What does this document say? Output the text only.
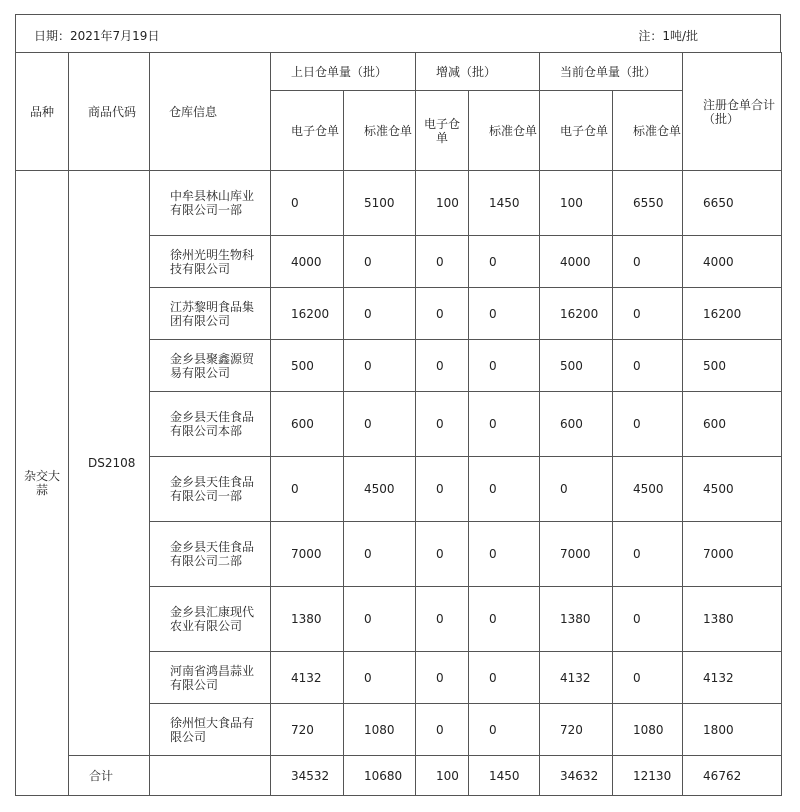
日期：2021年7月19日	注：1吨/批
品种	商品代码	仓库信息	上日仓单量（批）		增减（批）		当前仓单量（批）		注册仓单合计（批）
			电子仓单	标准仓单	电子仓单	标准仓单	电子仓单	标准仓单	
杂交大蒜	DS2108	中牟县林山库业有限公司一部	0	5100	100	1450	100	6550	6650
		徐州光明生物科技有限公司	4000	0	0	0	4000	0	4000
		江苏黎明食品集团有限公司	16200	0	0	0	16200	0	16200
		金乡县聚鑫源贸易有限公司	500	0	0	0	500	0	500
		金乡县天佳食品有限公司本部	600	0	0	0	600	0	600
		金乡县天佳食品有限公司一部	0	4500	0	0	0	4500	4500
		金乡县天佳食品有限公司二部	7000	0	0	0	7000	0	7000
		金乡县汇康现代农业有限公司	1380	0	0	0	1380	0	1380
		河南省鸿昌蒜业有限公司	4132	0	0	0	4132	0	4132
		徐州恒大食品有限公司	720	1080	0	0	720	1080	1800
	合计		34532	10680	100	1450	34632	12130	46762
